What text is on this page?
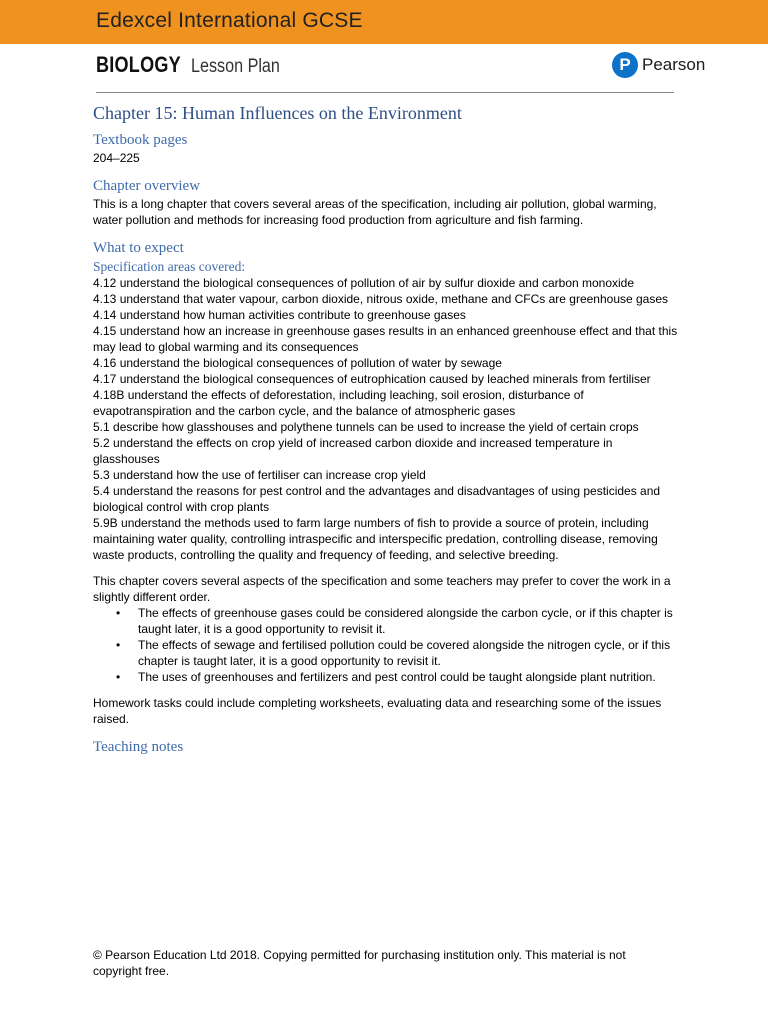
Edexcel International GCSE
BIOLOGY Lesson Plan	P Pearson
Chapter 15: Human Influences on the Environment
Textbook pages

204–225

Chapter overview

This is a long chapter that covers several areas of the specification, including air pollution, global warming, water pollution and methods for increasing food production from agriculture and fish farming.

What to expect
Specification areas covered:

4.12 understand the biological consequences of pollution of air by sulfur dioxide and carbon monoxide

4.13 understand that water vapour, carbon dioxide, nitrous oxide, methane and CFCs are greenhouse gases

4.14 understand how human activities contribute to greenhouse gases

4.15 understand how an increase in greenhouse gases results in an enhanced greenhouse effect and that this may lead to global warming and its consequences

4.16 understand the biological consequences of pollution of water by sewage

4.17 understand the biological consequences of eutrophication caused by leached minerals from fertiliser

4.18B understand the effects of deforestation, including leaching, soil erosion, disturbance of evapotranspiration and the carbon cycle, and the balance of atmospheric gases

5.1 describe how glasshouses and polythene tunnels can be used to increase the yield of certain crops

5.2 understand the effects on crop yield of increased carbon dioxide and increased temperature in glasshouses

5.3 understand how the use of fertiliser can increase crop yield

5.4 understand the reasons for pest control and the advantages and disadvantages of using pesticides and biological control with crop plants

5.9B understand the methods used to farm large numbers of fish to provide a source of protein, including maintaining water quality, controlling intraspecific and interspecific predation, controlling disease, removing waste products, controlling the quality and frequency of feeding, and selective breeding.

This chapter covers several aspects of the specification and some teachers may prefer to cover the work in a slightly different order.

• The effects of greenhouse gases could be considered alongside the carbon cycle, or if this chapter is taught later, it is a good opportunity to revisit it.
• The effects of sewage and fertilised pollution could be covered alongside the nitrogen cycle, or if this chapter is taught later, it is a good opportunity to revisit it.
• The uses of greenhouses and fertilizers and pest control could be taught alongside plant nutrition.

Homework tasks could include completing worksheets, evaluating data and researching some of the issues raised.

Teaching notes
© Pearson Education Ltd 2018. Copying permitted for purchasing institution only. This material is not copyright free.
